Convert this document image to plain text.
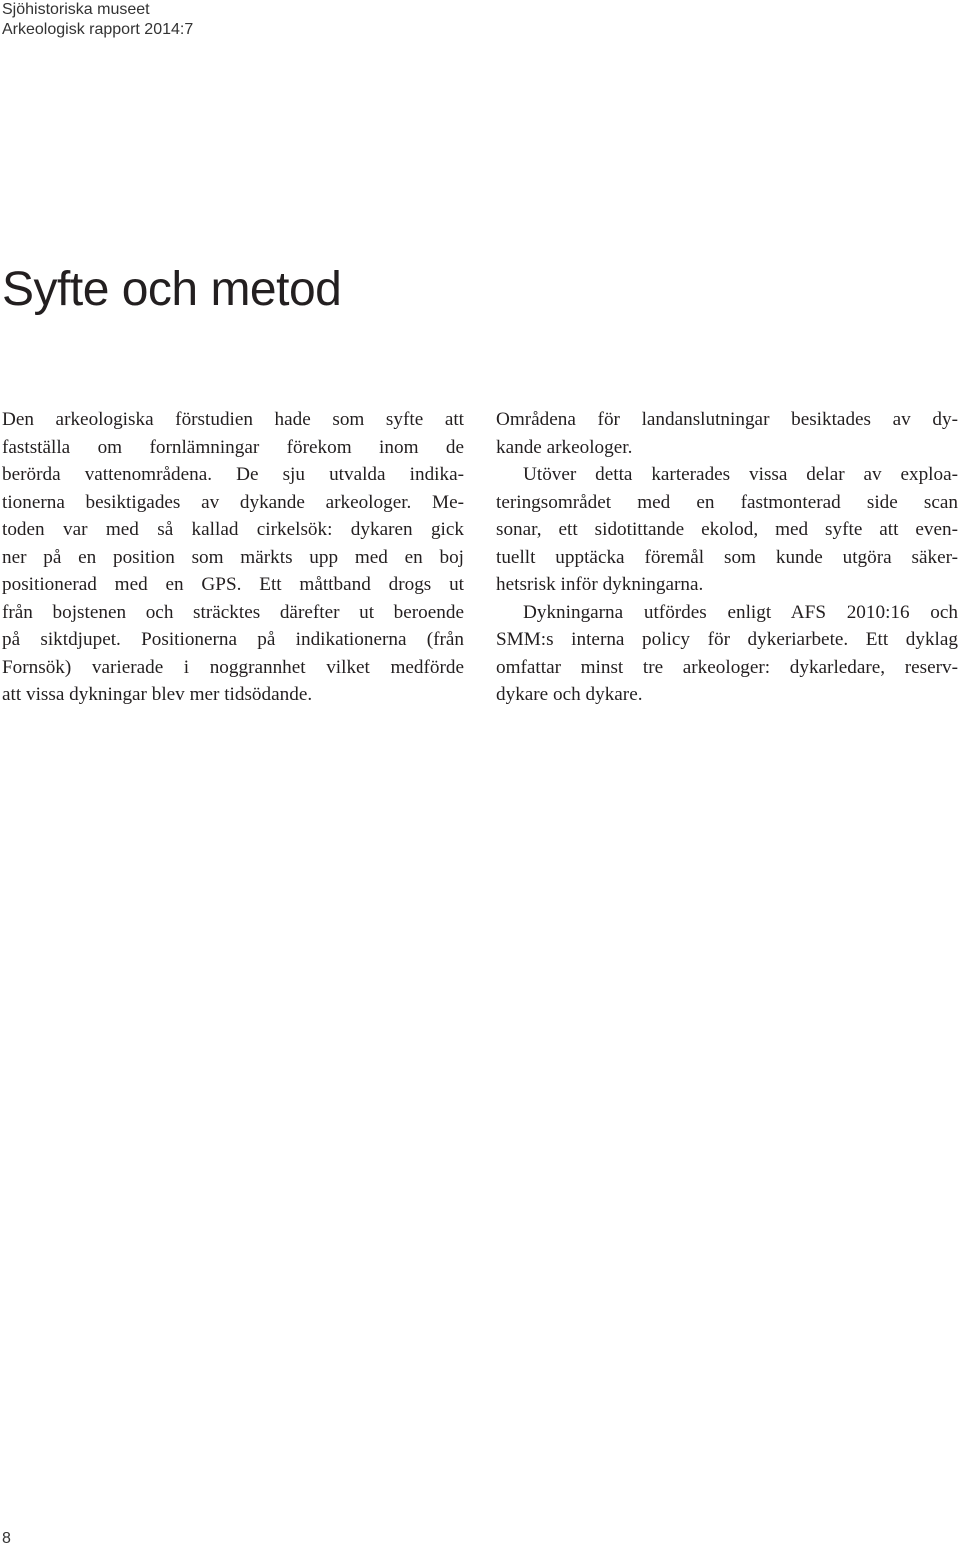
Sjöhistoriska museet
Arkeologisk rapport 2014:7
Syfte och metod

Den arkeologiska förstudien hade som syfte att
fastställa om fornlämningar förekom inom de
berörda vattenområdena. De sju utvalda indika-
tionerna besiktigades av dykande arkeologer. Me-
toden var med så kallad cirkelsök: dykaren gick
ner på en position som märkts upp med en boj
positionerad med en GPS. Ett måttband drogs ut
från bojstenen och sträcktes därefter ut beroende
på siktdjupet. Positionerna på indikationerna (från
Fornsök) varierade i noggrannhet vilket medförde
att vissa dykningar blev mer tidsödande.

Områdena för landanslutningar besiktades av dy-
kande arkeologer.

Utöver detta karterades vissa delar av exploa-
teringsområdet med en fastmonterad side scan
sonar, ett sidotittande ekolod, med syfte att even-
tuellt upptäcka föremål som kunde utgöra säker-
hetsrisk inför dykningarna.

Dykningarna utfördes enligt AFS 2010:16 och
SMM:s interna policy för dykeriarbete. Ett dyklag
omfattar minst tre arkeologer: dykarledare, reserv-
dykare och dykare.

8
